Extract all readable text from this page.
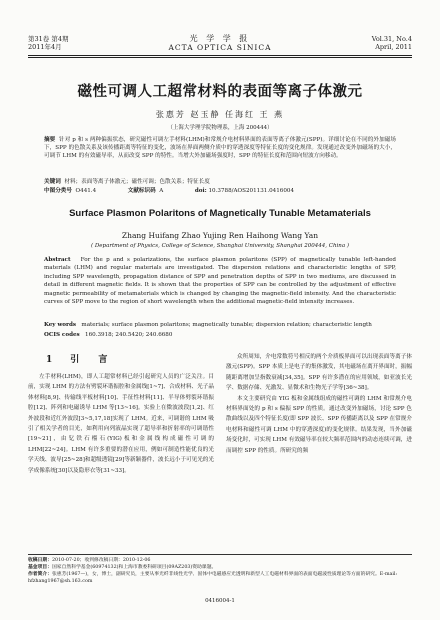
第31卷 第4期
2011年4月
光 学 学 报
ACTA OPTICA SINICA
Vol.31, No.4
April, 2011
磁性可调人工超常材料的表面等离子体激元
张惠芳 赵玉静 任海红 王 燕
（上海大学理学院物理系，上海 200444）
摘要 针对 p 和 s 两种偏振状态，研究磁性可调左手材料(LHM)和常规介电材料界面的表面等离子体激元(SPP)。详细讨论在不同的外加磁场下，SPP 的色散关系及该传播距离等特征的变化，波场在界面两侧介质中的穿透深度等特征长度的变化规律。发现通过改变外加磁场的大小，可调节 LHM 的有效磁导率，从而改变 SPP 的特性。当增大外加磁场强度时，SPP 的特征长度和范围向短波方向移动。
关键词 材料；表面等离子体激元；磁性可调；色散关系；特征长度
中图分类号 O441.4	文献标识码 A	doi: 10.3788/AOS201131.0416004
Surface Plasmon Polaritons of Magnetically Tunable Metamaterials
Zhang Huifang Zhao Yujing Ren Haihong Wang Yan
( Department of Physics, College of Science, Shanghai University, Shanghai 200444, China )
Abstract For the p and s polarizations, the surface plasmon polaritons (SPP) of magnetically tunable left-handed materials (LHM) and regular materials are investigated. The dispersion relations and characteristic lengths of SPP, including SPP wavelength, propagation distance of SPP and penetration depths of SPP in two mediums, are discussed in detail in different magnetic fields. It is shown that the properties of SPP can be controlled by the adjustment of effective magnetic permeability of metamaterials which is changed by changing the magnetic-field intensity. And the characteristic curves of SPP move to the region of short wavelength when the additional magnetic-field intensity increases.
Key words materials; surface plasmon polaritons; magnetically tunable; dispersion relation; characteristic length
OCIS codes 160.3918; 240.5420; 240.6680
1 引 言

左手材料(LHM)，即人工超常材料已经引起研究人员的广泛关注。目前，实现 LHM 的方法有劈裂环谐振腔和金属线[1~7]、合成材料、光子晶体材料[8,9]、传输线平板材料[10]、手征性材料[11]、半导体劈裂环谐振腔[12]、阵列和电磁诱导 LHM 等[13~16]。实验上在微波波段[1,2]、红外波段和近红外波段[3~5,17,18]实现了 LHM。近来，可调谐的 LHM 吸引了相关学者的目光，如利用向列液晶实现了超导率和折射率的可调谐性[19~21]，由钇铁石榴石(YIG)板和金属线构成磁性可调的 LHM[22~24]。LHM 有许多重要的潜在应用，例如可制造性能优良的光学天线、波导[25~28]和超级透镜[29]等新颖器件，波长远小于可见光的光学成像系统[30]以及隐形衣等[31~33]。

众所周知，介电常数符号相反的两个介质板界面可以出现表面等离子体激元(SPP)。SPP 本质上是电子的集体激发，其电磁场在离开界面时，振幅随距离增加呈指数衰减[34,35]。SPP 有许多潜在的应用领域，如亚波长光学、数据存储、光激发、显微术和生物光子学等[36~38]。

本文主要研究由 YIG 板和金属线组成的磁性可调的 LHM 和常规介电材料界面处的 p 和 s 偏振 SPP 的性质。通过改变外加磁场，讨论 SPP 色散曲线以及四个特征长度(即 SPP 波长、SPP 传播距离以及 SPP 在常规介电材料和磁性可调 LHM 中的穿透深度)的变化规律。结果发现，当外加磁场变化时，可实现 LHM 有效磁导率在较大频率范围内的动态连续可调，进而调控 SPP 的性质。所研究的频

收稿日期：2010-07-20；收到修改稿日期：2010-12-06
基金项目：国家自然科学基金(60974132)和上海市教委科研项目(09AZ203)资助课题。
作者简介：张惠芳(1967—)，女，博士，副研究员，主要从事光纤非线性光学、固体中电磁感应光透明和新型人工电磁材料界面的表面电磁波性质理论等方面的研究。E-mail: hfzhang1967@sh.163.com
0416004-1
